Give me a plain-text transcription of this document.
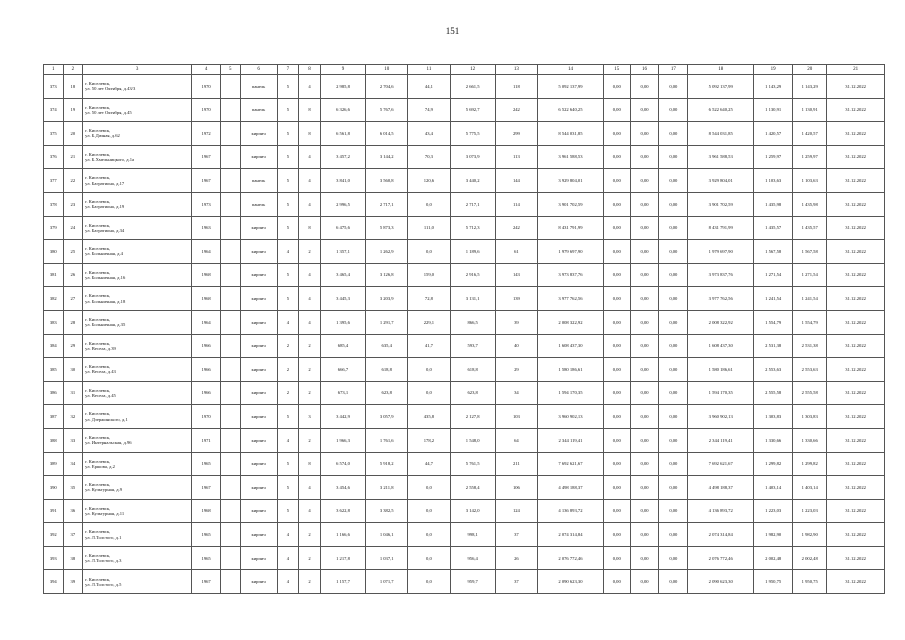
151
1	2	3	4	5	6	7	8	9	10	11	12	13	14	15	16	17	18	19	20	21
373	18	г. Киселевск,
ул. 50 лет Октября, д.43/3	1970		панель	5	4	2 985,8	2 704,6	44,1	2 661,5	118	5 092 137,99	0,00	0,00	0,00	5 092 137,99	1 143,29	1 143,29	31.12.2022
374	19	г. Киселевск,
ул. 50 лет Октября, д.45	1970		панель	5	8	6 326,6	5 767,6	74,9	5 692,7	242	6 522 640,25	0,00	0,00	0,00	6 522 640,25	1 130,91	1 130,91	31.12.2022
375	20	г. Киселевск,
ул. Б.Дачная, д.62	1972		кирпич	5	8	6 561,8	6 014,5	43,4	5 775,5	299	8 544 031,85	0,00	0,00	0,00	8 544 031,85	1 420,57	1 420,57	31.12.2022
376	21	г. Киселевск,
ул. Б.Хмельницкого, д.1а	1967		кирпич	5	4	3 457,2	3 144,2	70,3	3 073,9	113	3 961 588,53	0,00	0,00	0,00	3 961 588,53	1 259,97	1 259,97	31.12.2022
377	22	г. Киселевск,
ул. Багратиона, д.17	1967		панель	5	4	3 841,0	3 560,8	120,6	3 440,2	144	3 929 804,01	0,00	0,00	0,00	3 929 804,01	1 103,63	1 103,63	31.12.2022
378	23	г. Киселевск,
ул. Багратиона, д.19	1973		панель	5	4	2 996,5	2 717,1	0,0	2 717,1	114	3 901 702,59	0,00	0,00	0,00	3 901 702,59	1 435,98	1 435,98	31.12.2022
379	24	г. Киселевск,
ул. Багратиона, д.34	1963		кирпич	5	8	6 475,6	5 873,3	111,0	5 712,3	242	8 431 791,99	0,00	0,00	0,00	8 431 791,99	1 435,57	1 435,57	31.12.2022
380	25	г. Киселевск,
ул. Больничная, д.4	1964		кирпич	4	2	1 357,1	1 262,9	0,0	1 189,6	61	1 979 697,90	0,00	0,00	0,00	1 979 697,90	1 567,58	1 567,58	31.12.2022
381	26	г. Киселевск,
ул. Больничная, д.16	1968		кирпич	5	4	3 465,4	3 126,8	159,0	2 916,5	143	3 973 837,76	0,00	0,00	0,00	3 973 837,76	1 271,54	1 271,54	31.12.2022
382	27	г. Киселевск,
ул. Больничная, д.18	1968		кирпич	5	4	3 445,3	3 203,9	72,8	3 131,1	139	3 977 762,56	0,00	0,00	0,00	3 977 762,56	1 241,54	1 241,54	31.12.2022
383	28	г. Киселевск,
ул. Больничная, д.35	1964		кирпич	4	4	1 395,6	1 291,7	229,1	866,5	39	2 008 322,92	0,00	0,00	0,00	2 008 322,92	1 554,79	1 554,79	31.12.2022
384	29	г. Киселевск,
ул. Весела, д.39	1966		кирпич	2	2	685,4	635,4	41,7	593,7	40	1 608 437,30	0,00	0,00	0,00	1 608 437,30	2 531,38	2 531,38	31.12.2022
385	30	г. Киселевск,
ул. Весела, д.43	1966		кирпич	2	2	666,7	618,8	0,0	618,8	29	1 580 186,61	0,00	0,00	0,00	1 580 186,61	2 553,63	2 553,63	31.12.2022
386	31	г. Киселевск,
ул. Весела, д.45	1966		кирпич	2	2	673,1	623,8	0,0	623,8	34	1 594 170,35	0,00	0,00	0,00	1 594 170,35	2 555,58	2 555,58	31.12.2022
387	32	г. Киселевск,
ул. Дзержинского, д.1	1970		кирпич	5	3	3 442,9	3 057,9	435,8	2 127,8	103	3 960 902,13	0,00	0,00	0,00	3 960 902,13	1 303,83	1 303,83	31.12.2022
388	33	г. Киселевск,
ул. Интернальская, д.96	1971		кирпич	4	2	1 966,3	1 761,6	178,2	1 548,0	64	2 344 119,41	0,00	0,00	0,00	2 344 119,41	1 330,66	1 330,66	31.12.2022
389	34	г. Киселевск,
ул. Ершова, д.2	1965		кирпич	5	8	6 574,0	5 918,2	44,7	5 761,5	211	7 692 621,67	0,00	0,00	0,00	7 692 621,67	1 299,82	1 299,82	31.12.2022
390	35	г. Киселевск,
ул. Культурная, д.9	1967		кирпич	5	4	3 454,6	3 211,8	0,0	2 558,4	106	4 498 188,37	0,00	0,00	0,00	4 498 188,37	1 403,14	1 403,14	31.12.2022
391	36	г. Киселевск,
ул. Культурная, д.11	1968		кирпич	5	4	3 622,8	3 382,5	0,0	3 142,0	124	4 136 893,72	0,00	0,00	0,00	4 136 893,72	1 223,03	1 223,03	31.12.2022
392	37	г. Киселевск,
ул. Л.Толстого, д.1	1965		кирпич	4	2	1 166,6	1 046,1	0,0	998,1	37	2 074 314,84	0,00	0,00	0,00	2 074 314,84	1 982,90	1 982,90	31.12.2022
393	38	г. Киселевск,
ул. Л.Толстого, д.3	1965		кирпич	4	2	1 217,8	1 037,1	0,0	956,4	26	2 076 772,46	0,00	0,00	0,00	2 076 772,46	2 002,48	2 002,48	31.12.2022
394	39	г. Киселевск,
ул. Л.Толстого, д.5	1967		кирпич	4	2	1 157,7	1 071,7	0,0	959,7	37	2 090 623,30	0,00	0,00	0,00	2 090 623,30	1 950,75	1 950,75	31.12.2022
